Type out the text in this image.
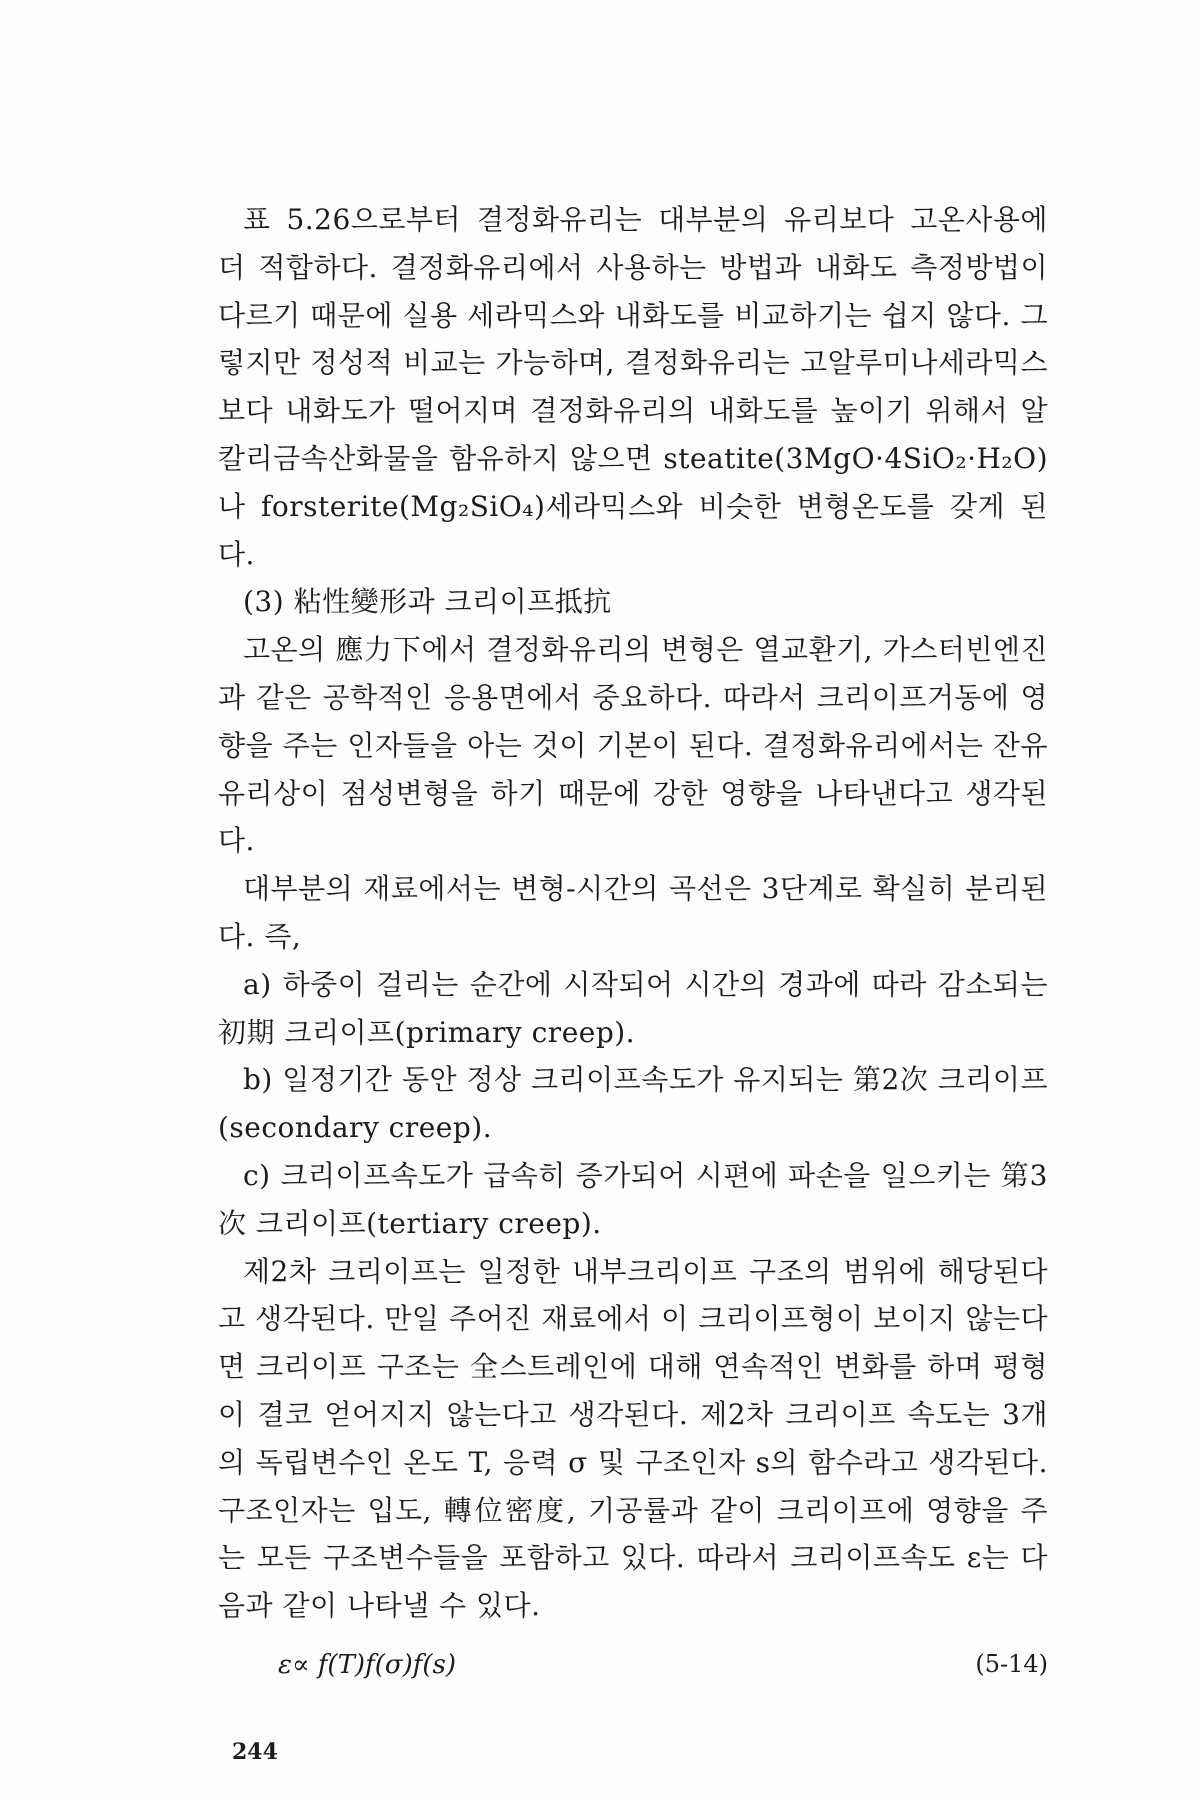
표 5.26으로부터 결정화유리는 대부분의 유리보다 고온사용에 더 적합하다. 결정화유리에서 사용하는 방법과 내화도 측정방법이 다르기 때문에 실용 세라믹스와 내화도를 비교하기는 쉽지 않다. 그렇지만 정성적 비교는 가능하며, 결정화유리는 고알루미나세라믹스보다 내화도가 떨어지며 결정화유리의 내화도를 높이기 위해서 알칼리금속산화물을 함유하지 않으면 steatite(3MgO·4SiO₂·H₂O)나 forsterite(Mg₂SiO₄)세라믹스와 비슷한 변형온도를 갖게 된다.

(3) 粘性變形과 크리이프抵抗

고온의 應力下에서 결정화유리의 변형은 열교환기, 가스터빈엔진과 같은 공학적인 응용면에서 중요하다. 따라서 크리이프거동에 영향을 주는 인자들을 아는 것이 기본이 된다. 결정화유리에서는 잔유유리상이 점성변형을 하기 때문에 강한 영향을 나타낸다고 생각된다.

대부분의 재료에서는 변형-시간의 곡선은 3단계로 확실히 분리된다. 즉,

a) 하중이 걸리는 순간에 시작되어 시간의 경과에 따라 감소되는 初期 크리이프(primary creep).

b) 일정기간 동안 정상 크리이프속도가 유지되는 第2次 크리이프(secondary creep).

c) 크리이프속도가 급속히 증가되어 시편에 파손을 일으키는 第3次 크리이프(tertiary creep).

제2차 크리이프는 일정한 내부크리이프 구조의 범위에 해당된다고 생각된다. 만일 주어진 재료에서 이 크리이프형이 보이지 않는다면 크리이프 구조는 全스트레인에 대해 연속적인 변화를 하며 평형이 결코 얻어지지 않는다고 생각된다. 제2차 크리이프 속도는 3개의 독립변수인 온도 T, 응력 σ 및 구조인자 s의 함수라고 생각된다. 구조인자는 입도, 轉位密度, 기공률과 같이 크리이프에 영향을 주는 모든 구조변수들을 포함하고 있다. 따라서 크리이프속도 ε는 다음과 같이 나타낼 수 있다.

ε∝ f(T)f(σ)f(s)	(5-14)
244
